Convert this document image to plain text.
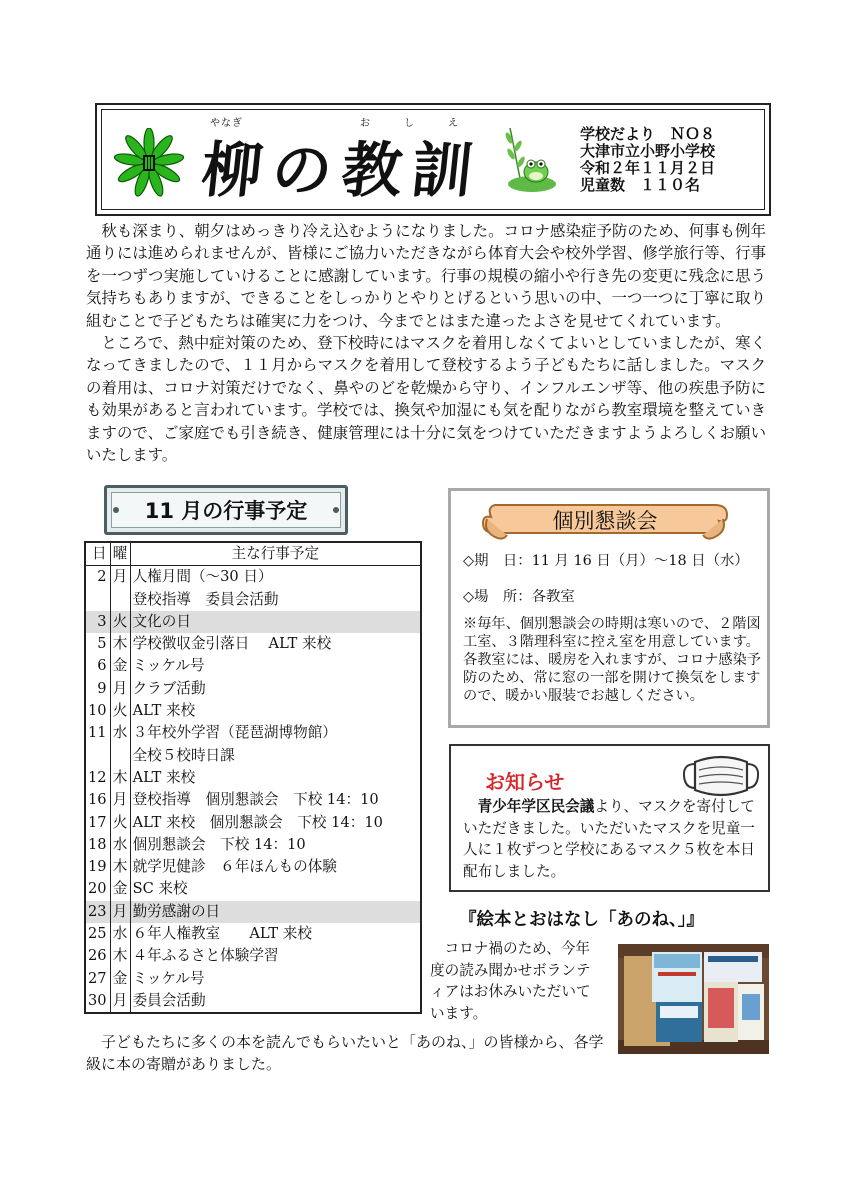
やなぎ	おしえ
柳の教訓
学校だより　ＮＯ８
大津市立小野小学校
令和２年１１月２日
児童数　１１０名

秋も深まり、朝夕はめっきり冷え込むようになりました。コロナ感染症予防のため、何事も例年通りには進められませんが、皆様にご協力いただきながら体育大会や校外学習、修学旅行等、行事を一つずつ実施していけることに感謝しています。行事の規模の縮小や行き先の変更に残念に思う気持ちもありますが、できることをしっかりとやりとげるという思いの中、一つ一つに丁寧に取り組むことで子どもたちは確実に力をつけ、今までとはまた違ったよさを見せてくれています。

ところで、熱中症対策のため、登下校時にはマスクを着用しなくてよいとしていましたが、寒くなってきましたので、１１月からマスクを着用して登校するよう子どもたちに話しました。マスクの着用は、コロナ対策だけでなく、鼻やのどを乾燥から守り、インフルエンザ等、他の疾患予防にも効果があると言われています。学校では、換気や加湿にも気を配りながら教室環境を整えていきますので、ご家庭でも引き続き、健康管理には十分に気をつけていただきますようよろしくお願いいたします。

11 月の行事予定
日	曜	主な行事予定
2	月	人権月間（～30 日）
		登校指導　委員会活動
3	火	文化の日
5	木	学校徴収金引落日　 ALT 来校
6	金	ミッケル号
9	月	クラブ活動
10	火	ALT 来校
11	水	３年校外学習（琵琶湖博物館）
		全校５校時日課
12	木	ALT 来校
16	月	登校指導　個別懇談会　下校 14：10
17	火	ALT 来校　個別懇談会　下校 14：10
18	水	個別懇談会　下校 14：10
19	木	就学児健診　６年ほんもの体験
20	金	SC 来校
23	月	勤労感謝の日
25	水	６年人権教室　　ALT 来校
26	木	４年ふるさと体験学習
27	金	ミッケル号
30	月	委員会活動
個別懇談会
◇期　日：11 月 16 日（月）～18 日（水）
◇場　所：各教室
※毎年、個別懇談会の時期は寒いので、２階図工室、３階理科室に控え室を用意しています。各教室には、暖房を入れますが、コロナ感染予防のため、常に窓の一部を開けて換気をしますので、暖かい服装でお越しください。
お知らせ

青少年学区民会議より、マスクを寄付していただきました。いただいたマスクを児童一人に１枚ずつと学校にあるマスク５枚を本日配布しました。

『絵本とおはなし「あのね、」』

コロナ禍のため、今年度の読み聞かせボランティアはお休みいただいています。

子どもたちに多くの本を読んでもらいたいと「あのね、」の皆様から、各学級に本の寄贈がありました。
